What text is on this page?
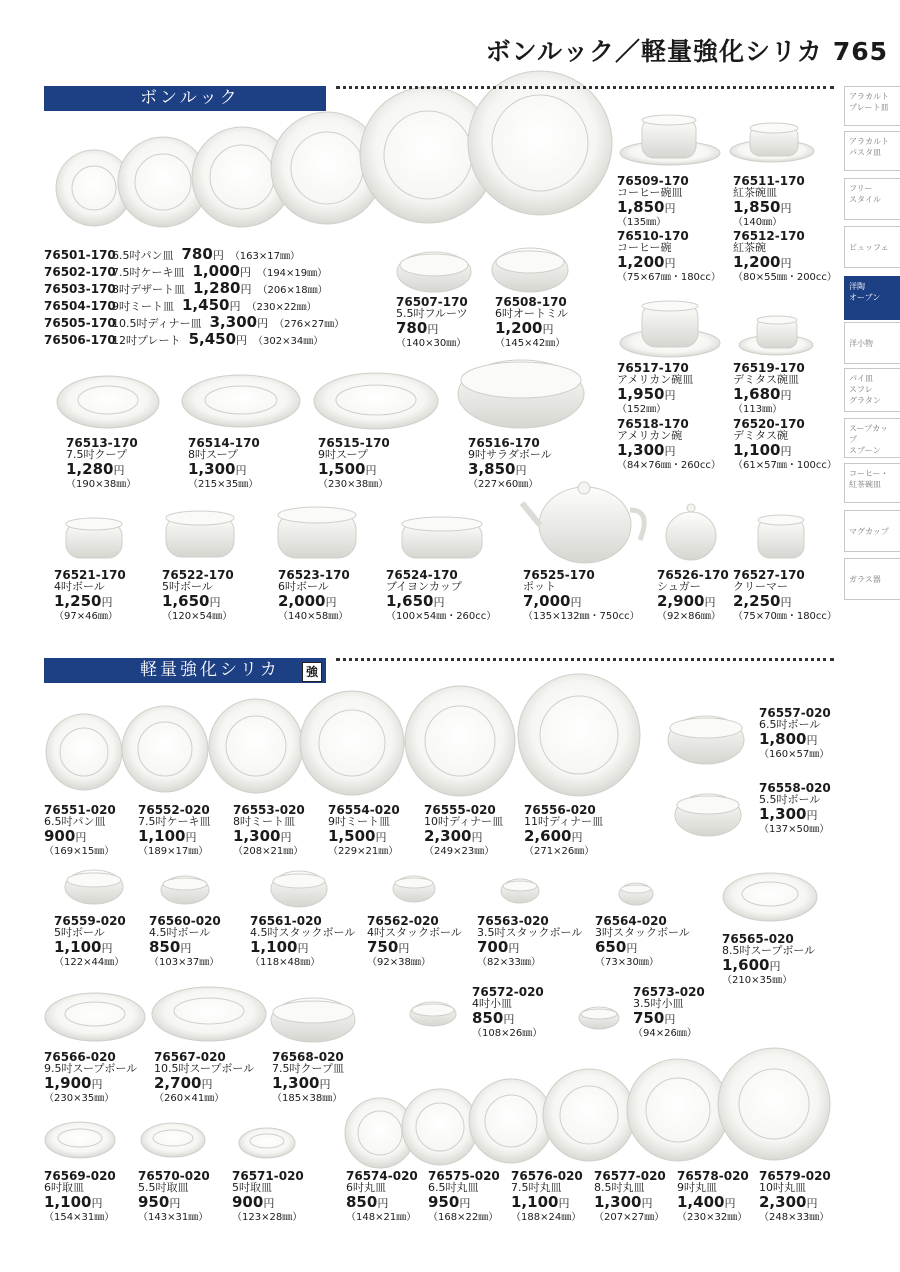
ボンルック／軽量強化シリカ 765
ボンルック
軽量強化シリカ	強
アラカルト
プレート皿
アラカルト
パスタ皿
フリー
スタイル
ビュッフェ
洋陶
オーブン
洋小物
パイ皿
スフレ
グラタン
スープカップ
スプーン
コーヒー・
紅茶碗皿
マグカップ
ガラス器
76501-1706.5吋パン皿 780円 （163×17㎜）
76502-1707.5吋ケーキ皿 1,000円 （194×19㎜）
76503-1708吋デザート皿 1,280円 （206×18㎜）
76504-1709吋ミート皿 1,450円 （230×22㎜）
76505-17010.5吋ディナー皿 3,300円 （276×27㎜）
76506-17012吋プレート 5,450円 （302×34㎜）
76507-170
5.5吋フルーツ
780円
（140×30㎜）
76508-170
6吋オートミル
1,200円
（145×42㎜）
76509-170
コーヒー碗皿
1,850円
（135㎜）
76510-170
コーヒー碗
1,200円
（75×67㎜・180cc）
76511-170
紅茶碗皿
1,850円
（140㎜）
76512-170
紅茶碗
1,200円
（80×55㎜・200cc）
76513-170
7.5吋クープ
1,280円
（190×38㎜）
76514-170
8吋スープ
1,300円
（215×35㎜）
76515-170
9吋スープ
1,500円
（230×38㎜）
76516-170
9吋サラダボール
3,850円
（227×60㎜）
76517-170
アメリカン碗皿
1,950円
（152㎜）
76518-170
アメリカン碗
1,300円
（84×76㎜・260cc）
76519-170
デミタス碗皿
1,680円
（113㎜）
76520-170
デミタス碗
1,100円
（61×57㎜・100cc）
76521-170
4吋ボール
1,250円
（97×46㎜）
76522-170
5吋ボール
1,650円
（120×54㎜）
76523-170
6吋ボール
2,000円
（140×58㎜）
76524-170
ブイヨンカップ
1,650円
（100×54㎜・260cc）
76525-170
ポット
7,000円
（135×132㎜・750cc）
76526-170
シュガー
2,900円
（92×86㎜）
76527-170
クリーマー
2,250円
（75×70㎜・180cc）
76551-020
6.5吋パン皿
900円
（169×15㎜）
76552-020
7.5吋ケーキ皿
1,100円
（189×17㎜）
76553-020
8吋ミート皿
1,300円
（208×21㎜）
76554-020
9吋ミート皿
1,500円
（229×21㎜）
76555-020
10吋ディナー皿
2,300円
（249×23㎜）
76556-020
11吋ディナー皿
2,600円
（271×26㎜）
76557-020
6.5吋ボール
1,800円
（160×57㎜）
76558-020
5.5吋ボール
1,300円
（137×50㎜）
76559-020
5吋ボール
1,100円
（122×44㎜）
76560-020
4.5吋ボール
850円
（103×37㎜）
76561-020
4.5吋スタックボール
1,100円
（118×48㎜）
76562-020
4吋スタックボール
750円
（92×38㎜）
76563-020
3.5吋スタックボール
700円
（82×33㎜）
76564-020
3吋スタックボール
650円
（73×30㎜）
76565-020
8.5吋スープボール
1,600円
（210×35㎜）
76566-020
9.5吋スープボール
1,900円
（230×35㎜）
76567-020
10.5吋スープボール
2,700円
（260×41㎜）
76568-020
7.5吋クープ皿
1,300円
（185×38㎜）
76572-020
4吋小皿
850円
（108×26㎜）
76573-020
3.5吋小皿
750円
（94×26㎜）
76569-020
6吋取皿
1,100円
（154×31㎜）
76570-020
5.5吋取皿
950円
（143×31㎜）
76571-020
5吋取皿
900円
（123×28㎜）
76574-020
6吋丸皿
850円
（148×21㎜）
76575-020
6.5吋丸皿
950円
（168×22㎜）
76576-020
7.5吋丸皿
1,100円
（188×24㎜）
76577-020
8.5吋丸皿
1,300円
（207×27㎜）
76578-020
9吋丸皿
1,400円
（230×32㎜）
76579-020
10吋丸皿
2,300円
（248×33㎜）
